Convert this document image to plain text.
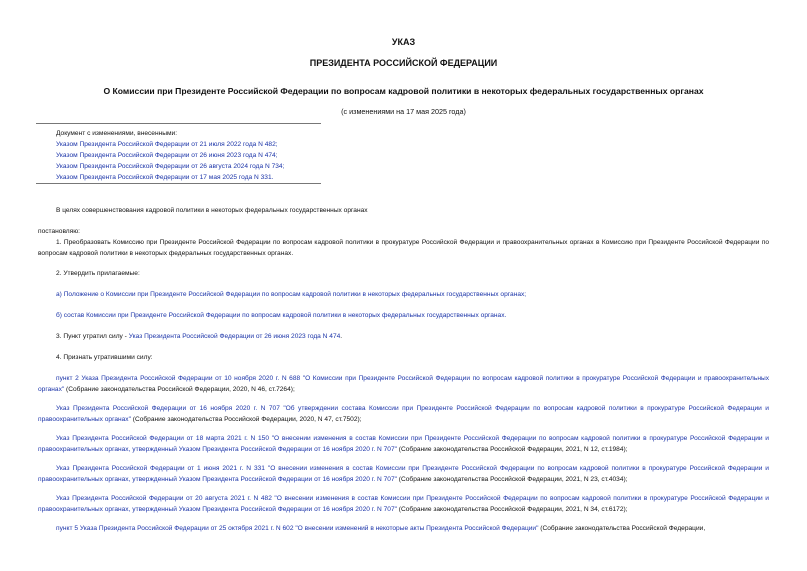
УКАЗ
ПРЕЗИДЕНТА РОССИЙСКОЙ ФЕДЕРАЦИИ
О Комиссии при Президенте Российской Федерации по вопросам кадровой политики в некоторых федеральных государственных органах
(с изменениями на 17 мая 2025 года)
Документ с изменениями, внесенными:
Указом Президента Российской Федерации от 21 июля 2022 года N 482;
Указом Президента Российской Федерации от 26 июня 2023 года N 474;
Указом Президента Российской Федерации от 26 августа 2024 года N 734;
Указом Президента Российской Федерации от 17 мая 2025 года N 331.
В целях совершенствования кадровой политики в некоторых федеральных государственных органах
постановляю:
1. Преобразовать Комиссию при Президенте Российской Федерации по вопросам кадровой политики в прокуратуре Российской Федерации и правоохранительных органах в Комиссию при Президенте Российской Федерации по вопросам кадровой политики в некоторых федеральных государственных органах.
2. Утвердить прилагаемые:
а) Положение о Комиссии при Президенте Российской Федерации по вопросам кадровой политики в некоторых федеральных государственных органах;
б) состав Комиссии при Президенте Российской Федерации по вопросам кадровой политики в некоторых федеральных государственных органах.
3. Пункт утратил силу - Указ Президента Российской Федерации от 26 июня 2023 года N 474.
4. Признать утратившими силу:
пункт 2 Указа Президента Российской Федерации от 10 ноября 2020 г. N 688 "О Комиссии при Президенте Российской Федерации по вопросам кадровой политики в прокуратуре Российской Федерации и правоохранительных органах" (Собрание законодательства Российской Федерации, 2020, N 46, ст.7264);
Указ Президента Российской Федерации от 16 ноября 2020 г. N 707 "Об утверждении состава Комиссии при Президенте Российской Федерации по вопросам кадровой политики в прокуратуре Российской Федерации и правоохранительных органах" (Собрание законодательства Российской Федерации, 2020, N 47, ст.7502);
Указ Президента Российской Федерации от 18 марта 2021 г. N 150 "О внесении изменения в состав Комиссии при Президенте Российской Федерации по вопросам кадровой политики в прокуратуре Российской Федерации и правоохранительных органах, утвержденный Указом Президента Российской Федерации от 16 ноября 2020 г. N 707" (Собрание законодательства Российской Федерации, 2021, N 12, ст.1984);
Указ Президента Российской Федерации от 1 июня 2021 г. N 331 "О внесении изменения в состав Комиссии при Президенте Российской Федерации по вопросам кадровой политики в прокуратуре Российской Федерации и правоохранительных органах, утвержденный Указом Президента Российской Федерации от 16 ноября 2020 г. N 707" (Собрание законодательства Российской Федерации, 2021, N 23, ст.4034);
Указ Президента Российской Федерации от 20 августа 2021 г. N 482 "О внесении изменения в состав Комиссии при Президенте Российской Федерации по вопросам кадровой политики в прокуратуре Российской Федерации и правоохранительных органах, утвержденный Указом Президента Российской Федерации от 16 ноября 2020 г. N 707" (Собрание законодательства Российской Федерации, 2021, N 34, ст.6172);
пункт 5 Указа Президента Российской Федерации от 25 октября 2021 г. N 602 "О внесении изменений в некоторые акты Президента Российской Федерации" (Собрание законодательства Российской Федерации,
